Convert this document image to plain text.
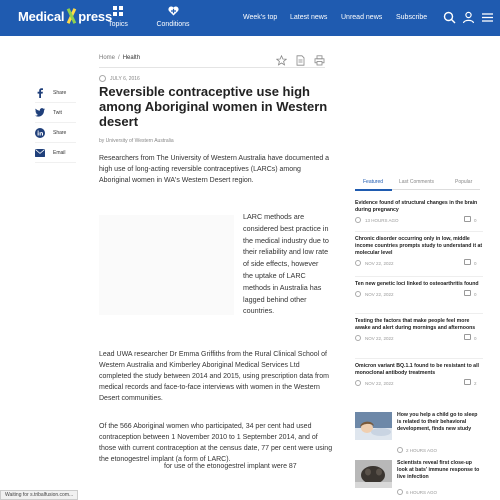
Medical press
Topics	Conditions
Week's top Latest news Unread news Subscribe
Home / Health
JULY 6, 2016
Reversible contraceptive use high among Aboriginal women in Western desert
by University of Western Australia
Share
Twit
Share
Email

Researchers from The University of Western Australia have documented a high use of long-acting reversible contraceptives (LARCs) among Aboriginal women in WA's Western Desert region.

LARC methods are considered best practice in the medical industry due to their reliability and low rate of side effects, however the uptake of LARC methods in Australia has lagged behind other countries.

Lead UWA researcher Dr Emma Griffiths from the Rural Clinical School of Western Australia and Kimberley Aboriginal Medical Services Ltd completed the study between 2014 and 2015, using prescription data from medical records and face-to-face interviews with women in the Western Desert communities.

Of the 566 Aboriginal women who participated, 34 per cent had used contraception between 1 November 2010 to 1 September 2014, and of those with current contraception at the census date, 77 per cent were using the etonogestrel implant (a form of LARC).

for use of the etonogestrel implant were 87

Featured	Last Comments	Popular
Evidence found of structural changes in the brain during pregnancy
13 HOURS AGO	0
Chronic disorder occurring only in low, middle income countries prompts study to understand it at molecular level
NOV 22, 2022	0
Ten new genetic loci linked to osteoarthritis found
NOV 22, 2022	0
Testing the factors that make people feel more awake and alert during mornings and afternoons
NOV 22, 2022	0
Omicron variant BQ.1.1 found to be resistant to all monoclonal antibody treatments
NOV 22, 2022	2
How you help a child go to sleep is related to their behavioral development, finds new study
2 HOURS AGO
Scientists reveal first close-up look at bats' immune response to live infection
6 HOURS AGO
Waiting for s.tribalfusion.com...
